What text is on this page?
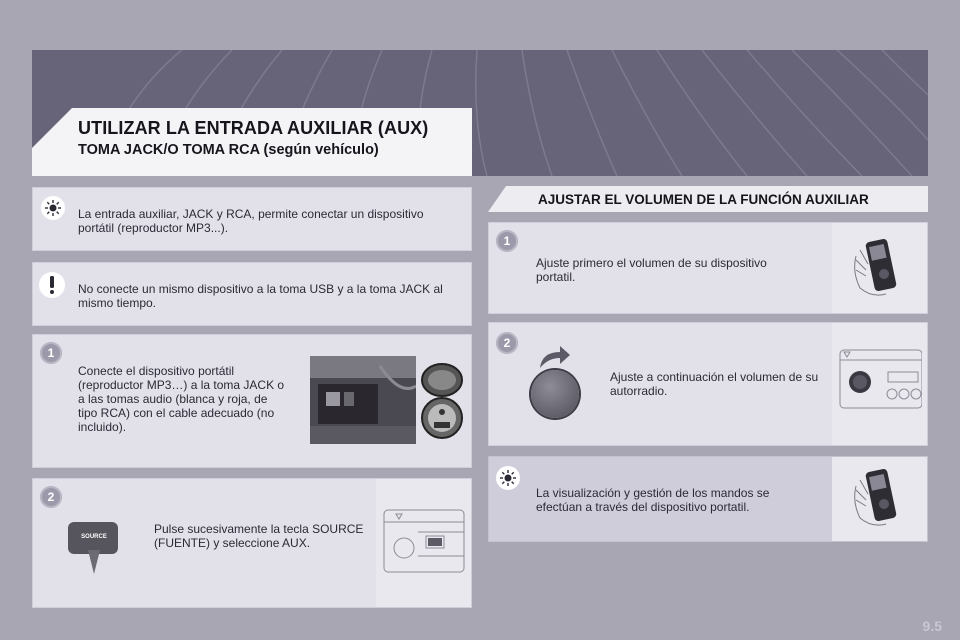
UTILIZAR LA ENTRADA AUXILIAR (AUX)
TOMA JACK/O TOMA RCA (según vehículo)
La entrada auxiliar, JACK y RCA, permite conectar un dispositivo portátil (reproductor MP3...).
No conecte un mismo dispositivo a la toma USB y a la toma JACK al mismo tiempo.
1
Conecte el dispositivo portátil (reproductor MP3…) a la toma JACK o a las tomas audio (blanca y roja, de tipo RCA) con el cable adecuado (no incluido).
2
SOURCE
Pulse sucesivamente la tecla SOURCE (FUENTE) y seleccione AUX.
AJUSTAR EL VOLUMEN DE LA FUNCIÓN AUXILIAR
1
Ajuste primero el volumen de su dispositivo portatil.
2
Ajuste a continuación el volumen de su autorradio.
La visualización y gestión de los mandos se efectúan a través del dispositivo portatil.
9.5
